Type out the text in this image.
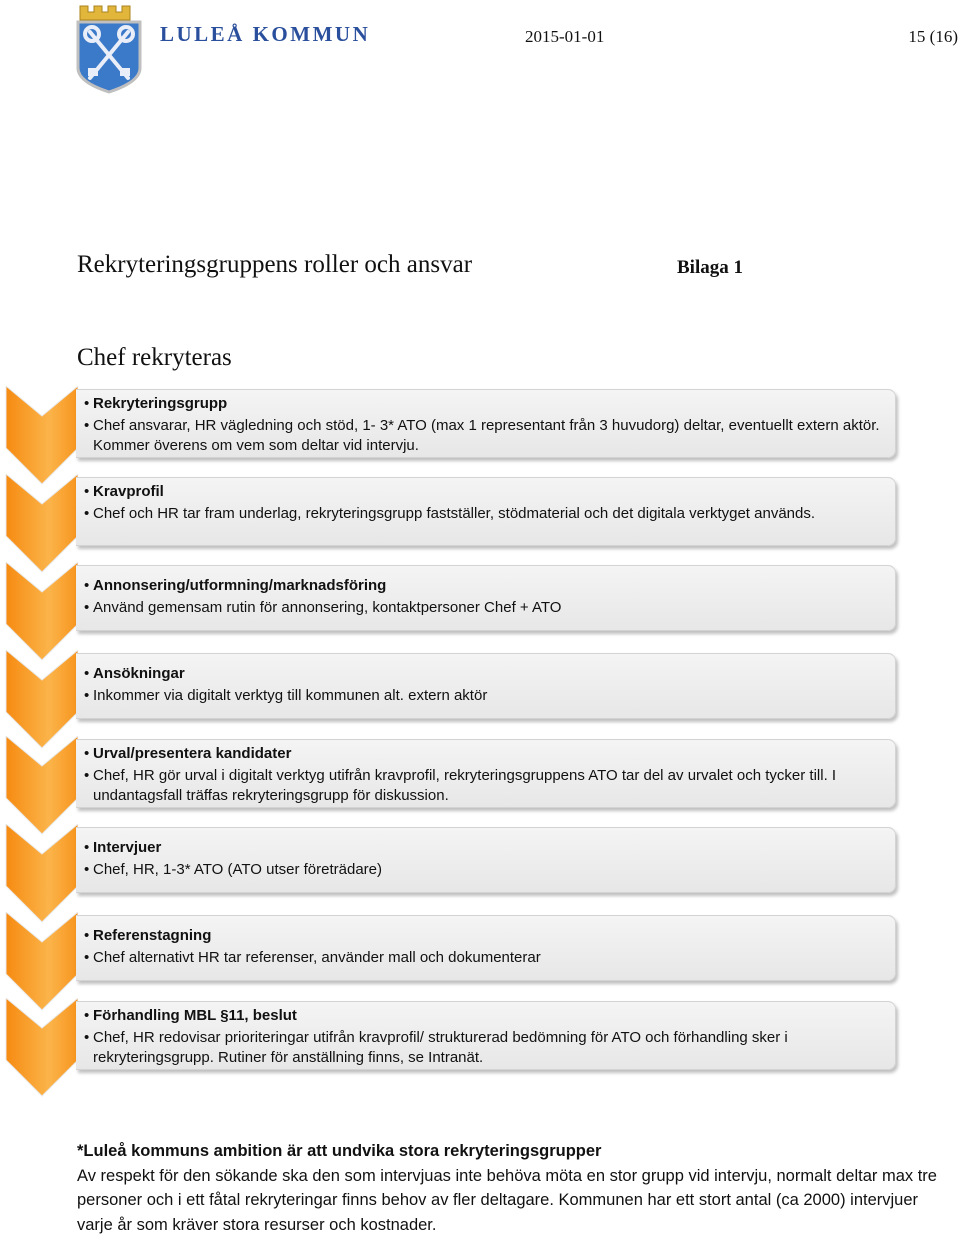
LULEÅ KOMMUN	2015-01-01	15 (16)
Rekryteringsgruppens roller och ansvar	Bilaga 1
Chef rekryteras
• Rekryteringsgrupp
• Chef ansvarar, HR vägledning och stöd, 1- 3* ATO (max 1 representant från 3 huvudorg) deltar, eventuellt extern aktör. Kommer överens om vem som deltar vid intervju.
• Kravprofil
• Chef och HR tar fram underlag, rekryteringsgrupp fastställer, stödmaterial och det digitala verktyget används.
• Annonsering/utformning/marknadsföring
• Använd gemensam rutin för annonsering, kontaktpersoner Chef + ATO
• Ansökningar
• Inkommer via digitalt verktyg till kommunen alt. extern aktör
• Urval/presentera kandidater
• Chef, HR gör urval i digitalt verktyg utifrån kravprofil, rekryteringsgruppens ATO tar del av urvalet och tycker till. I undantagsfall träffas rekryteringsgrupp för diskussion.
• Intervjuer
• Chef, HR, 1-3* ATO (ATO utser företrädare)
• Referenstagning
• Chef alternativt HR tar referenser, använder mall och dokumenterar
• Förhandling MBL §11, beslut
• Chef, HR redovisar prioriteringar utifrån kravprofil/ strukturerad bedömning för ATO och förhandling sker i rekryteringsgrupp. Rutiner för anställning finns, se Intranät.
*Luleå kommuns ambition är att undvika stora rekryteringsgrupper
Av respekt för den sökande ska den som intervjuas inte behöva möta en stor grupp vid intervju, normalt deltar max tre personer och i ett fåtal rekryteringar finns behov av fler deltagare. Kommunen har ett stort antal (ca 2000) intervjuer varje år som kräver stora resurser och kostnader.
